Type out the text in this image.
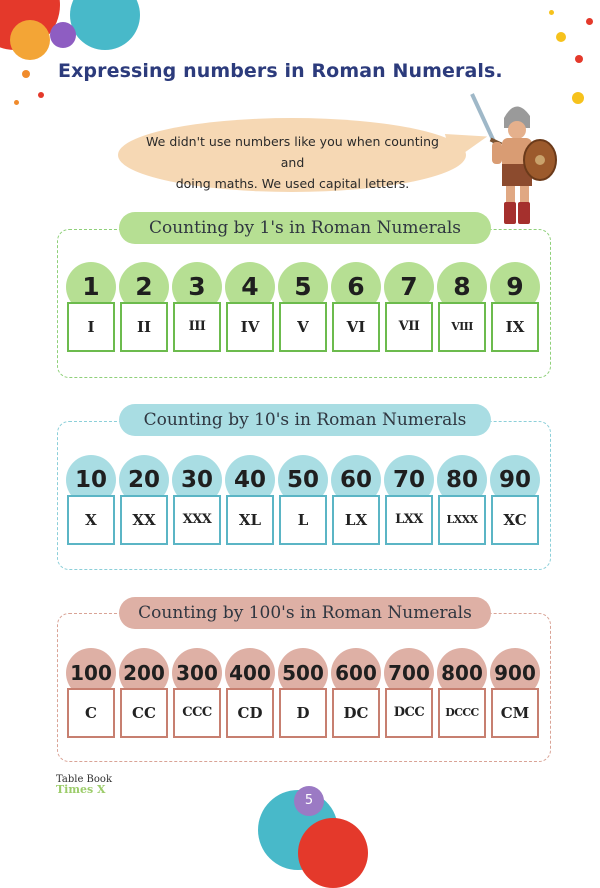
Expressing numbers in Roman Numerals.
We didn't use numbers like you when counting and
doing maths. We used capital letters.
Counting by 1's in Roman Numerals
1
I
2
II
3
III
4
IV
5
V
6
VI
7
VII
8
VIII
9
IX
Counting by 10's in Roman Numerals
10
X
20
XX
30
XXX
40
XL
50
L
60
LX
70
LXX
80
LXXX
90
XC
Counting by 100's in Roman Numerals
100
C
200
CC
300
CCC
400
CD
500
D
600
DC
700
DCC
800
DCCC
900
CM
Table Book
Times X
5
